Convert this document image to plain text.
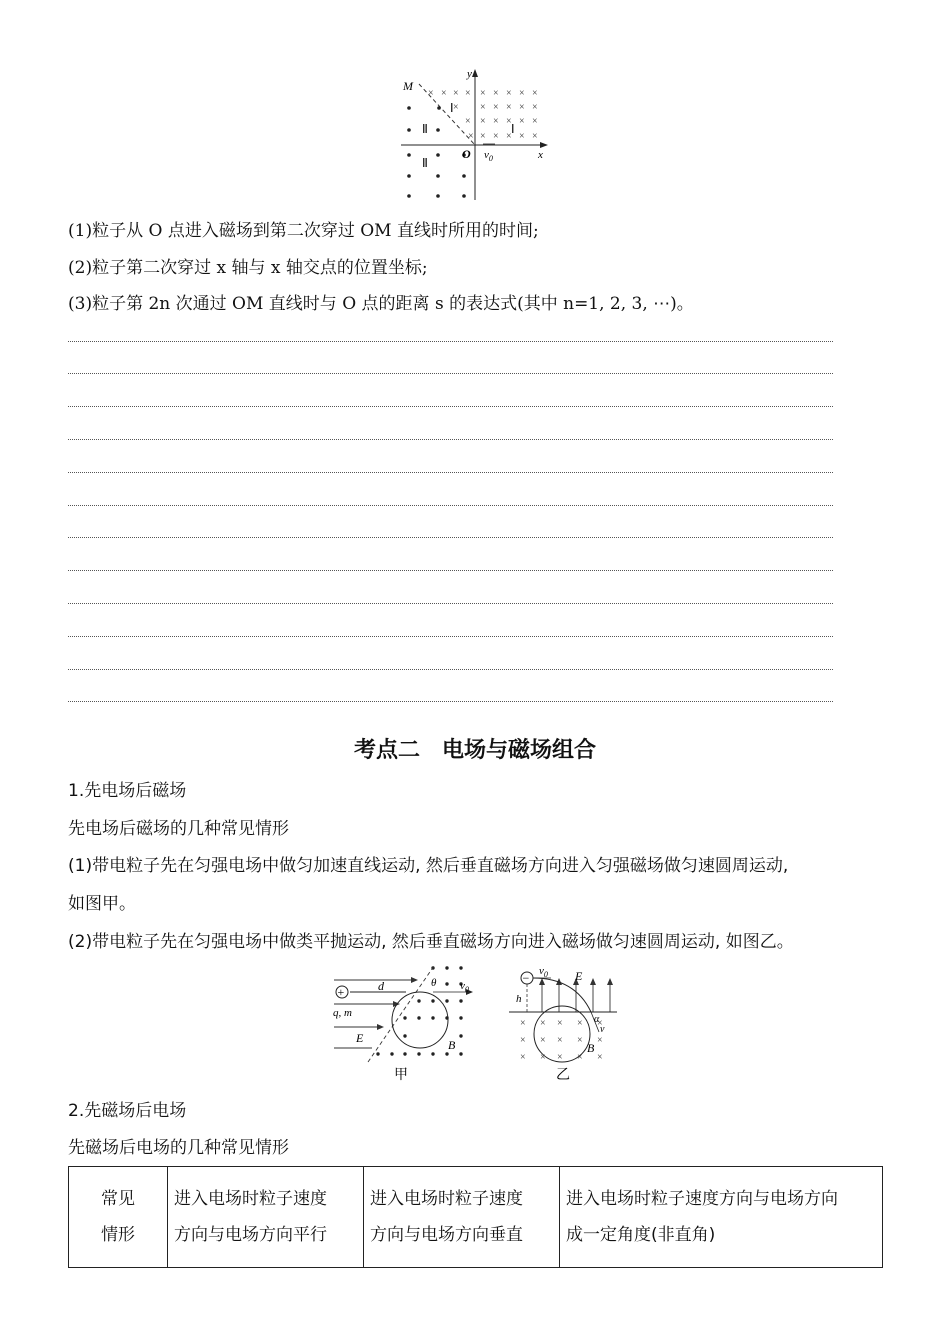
× × × × × × × × ×
× × × × × ×
× × × × × ×
× × × × × ×
y
M
Ⅰ
Ⅰ
Ⅱ
Ⅱ
O $v_0$	x
(1)粒子从 O 点进入磁场到第二次穿过 OM 直线时所用的时间;
(2)粒子第二次穿过 x 轴与 x 轴交点的位置坐标;
(3)粒子第 2n 次通过 OM 直线时与 O 点的距离 s 的表达式(其中 n=1, 2, 3, ⋯)。
考点二　电场与磁场组合
1.先电场后磁场
先电场后磁场的几种常见情形
(1)带电粒子先在匀强电场中做匀加速直线运动, 然后垂直磁场方向进入匀强磁场做匀速圆周运动,
如图甲。
(2)带电粒子先在匀强电场中做类平抛运动, 然后垂直磁场方向进入磁场做匀速圆周运动, 如图乙。
+	d	θ $v_0$
q, m
E	B
甲
−
× × × × ×
× × × × ×
× × × × ×
$v_0$ E
h
α
v
B
乙
2.先磁场后电场
先磁场后电场的几种常见情形
常见
情形

进入电场时粒子速度
方向与电场方向平行

进入电场时粒子速度
方向与电场方向垂直

进入电场时粒子速度方向与电场方向
成一定角度(非直角)
